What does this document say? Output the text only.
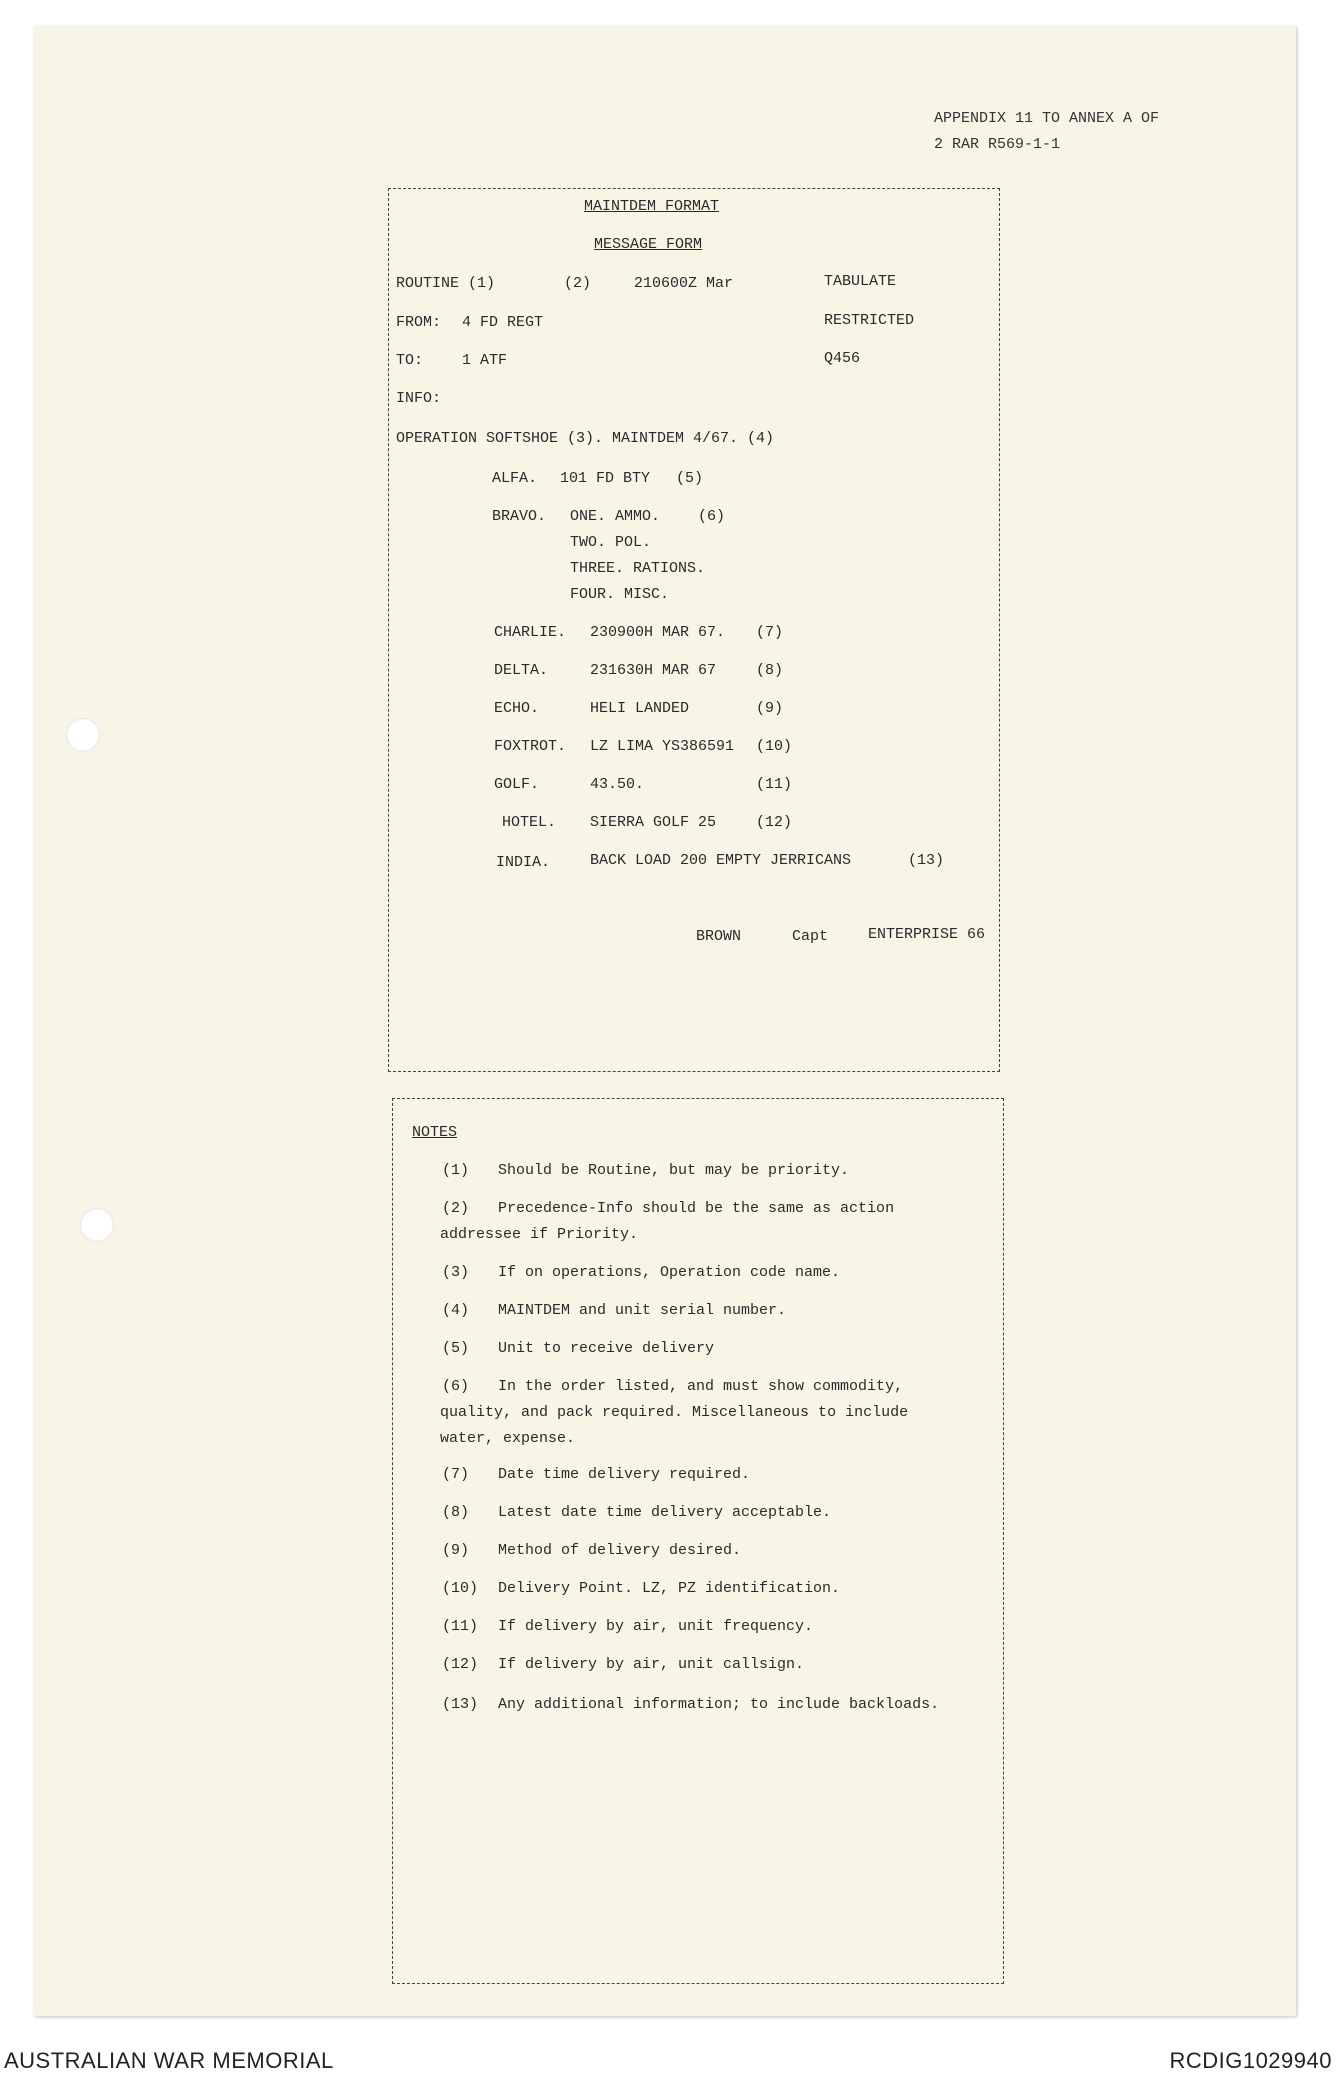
APPENDIX 11 TO ANNEX A OF
2 RAR R569-1-1
MAINTDEM FORMAT
MESSAGE FORM
ROUTINE (1)	(2)	210600Z Mar	TABULATE
FROM: 4 FD REGT	RESTRICTED
TO:	1 ATF	Q456
INFO:
OPERATION SOFTSHOE (3). MAINTDEM 4/67. (4)
ALFA. 101 FD BTY (5)
BRAVO. ONE. AMMO.	(6)
TWO. POL.
THREE. RATIONS.
FOUR. MISC.
CHARLIE. 230900H MAR 67. (7)
DELTA.	231630H MAR 67	(8)
ECHO.	HELI LANDED	(9)
FOXTROT. LZ LIMA YS386591 (10)
GOLF.	43.50.	(11)
HOTEL. SIERRA GOLF 25	(12)
INDIA.	BACK LOAD 200 EMPTY JERRICANS	(13)
BROWN	Capt	ENTERPRISE 66
NOTES
(1) Should be Routine, but may be priority.
(2) Precedence-Info should be the same as action
addressee if Priority.
(3) If on operations, Operation code name.
(4) MAINTDEM and unit serial number.
(5) Unit to receive delivery
(6) In the order listed, and must show commodity,
quality, and pack required. Miscellaneous to include
water, expense.
(7) Date time delivery required.
(8) Latest date time delivery acceptable.
(9) Method of delivery desired.
(10) Delivery Point. LZ, PZ identification.
(11) If delivery by air, unit frequency.
(12) If delivery by air, unit callsign.
(13) Any additional information; to include backloads.
AUSTRALIAN WAR MEMORIAL	RCDIG1029940
